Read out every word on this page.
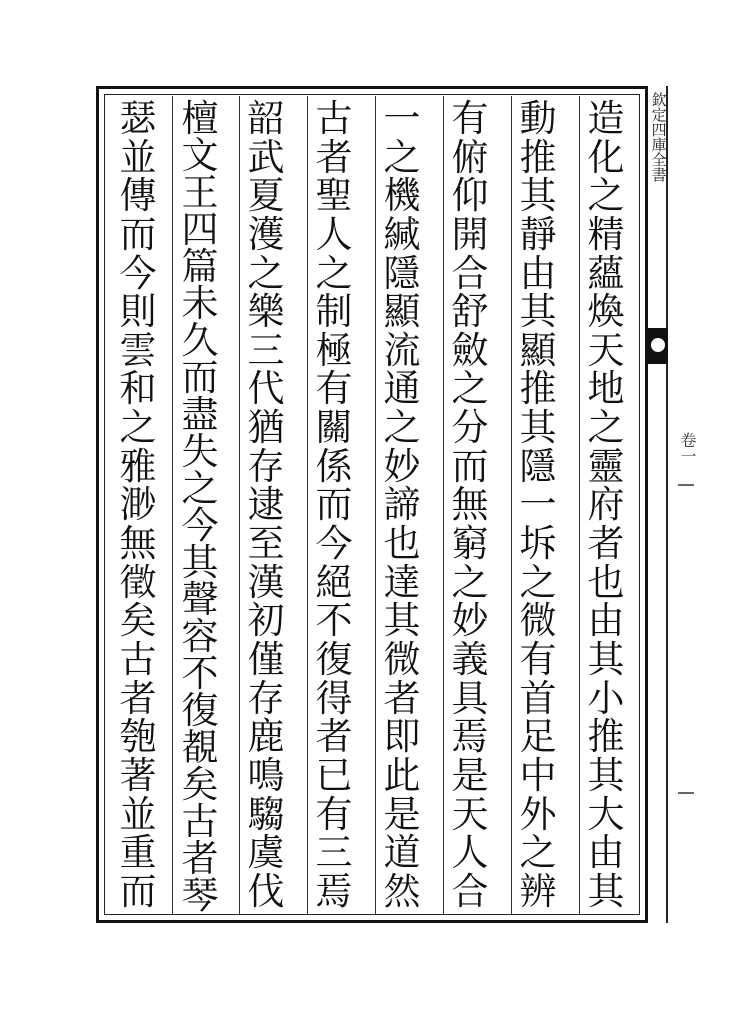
欽定四庫全書
卷一
造
化
之
精
蘊
煥
天
地
之
靈
府
者
也
由
其
小
推
其
大
由
其
動
推
其
靜
由
其
顯
推
其
隱
一
坼
之
微
有
首
足
中
外
之
辨
有
俯
仰
開
合
舒
斂
之
分
而
無
窮
之
妙
義
具
焉
是
天
人
合
一
之
機
緘
隱
顯
流
通
之
妙
諦
也
達
其
微
者
即
此
是
道
然
古
者
聖
人
之
制
極
有
關
係
而
今
絕
不
復
得
者
已
有
三
焉
韶
武
夏
濩
之
樂
三
代
猶
存
逮
至
漢
初
僅
存
鹿
鳴
騶
虞
伐
檀
文
王
四
篇
未
久
而
盡
失
之
今
其
聲
容
不
復
覩
矣
古
者
琴
瑟
並
傳
而
今
則
雲
和
之
雅
渺
無
徵
矣
古
者
匏
著
並
重
而
